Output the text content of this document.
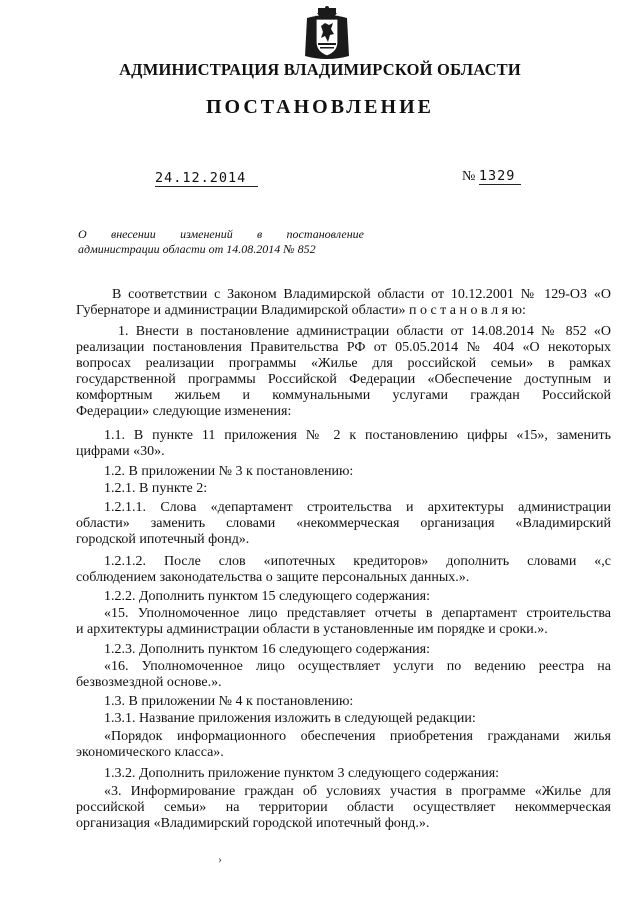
АДМИНИСТРАЦИЯ ВЛАДИМИРСКОЙ ОБЛАСТИ
ПОСТАНОВЛЕНИЕ
24.12.2014	№ 1329
О внесении изменений в постановление
администрации области от 14.08.2014 № 852
В соответствии с Законом Владимирской области от 10.12.2001 № 129-ОЗ «О
Губернаторе и администрации Владимирской области» п о с т а н о в л я ю:
1. Внести в постановление администрации области от 14.08.2014 № 852 «О
реализации постановления Правительства РФ от 05.05.2014 № 404 «О некоторых
вопросах реализации программы «Жилье для российской семьи» в рамках
государственной программы Российской Федерации «Обеспечение доступным и
комфортным жильем и коммунальными услугами граждан Российской
Федерации» следующие изменения:
1.1. В пункте 11 приложения № 2 к постановлению цифры «15», заменить
цифрами «30».
1.2. В приложении № 3 к постановлению:
1.2.1. В пункте 2:
1.2.1.1. Слова «департамент строительства и архитектуры администрации
области» заменить словами «некоммерческая организация «Владимирский
городской ипотечный фонд».
1.2.1.2. После слов «ипотечных кредиторов» дополнить словами «,с
соблюдением законодательства о защите персональных данных.».
1.2.2. Дополнить пунктом 15 следующего содержания:
«15. Уполномоченное лицо представляет отчеты в департамент строительства
и архитектуры администрации области в установленные им порядке и сроки.».
1.2.3. Дополнить пунктом 16 следующего содержания:
«16. Уполномоченное лицо осуществляет услуги по ведению реестра на
безвозмездной основе.».
1.3. В приложении № 4 к постановлению:
1.3.1. Название приложения изложить в следующей редакции:
«Порядок информационного обеспечения приобретения гражданами жилья
экономического класса».
1.3.2. Дополнить приложение пунктом 3 следующего содержания:
«3. Информирование граждан об условиях участия в программе «Жилье для
российской семьи» на территории области осуществляет некоммерческая
организация «Владимирский городской ипотечный фонд.».
›
